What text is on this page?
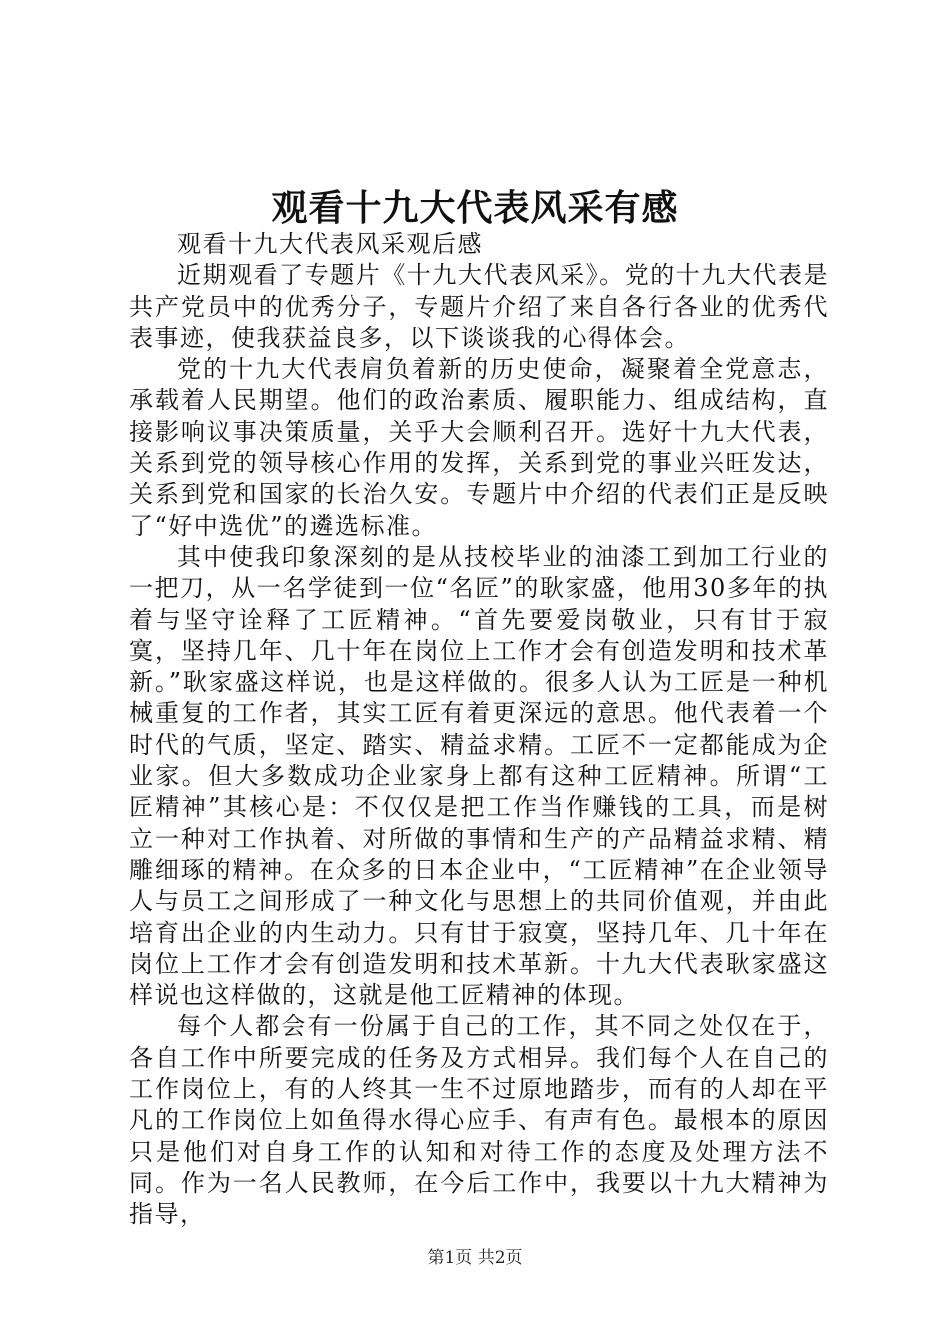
观看十九大代表风采有感

观看十九大代表风采观后感

近期观看了专题片《十九大代表风采》。党的十九大代表是共产党员中的优秀分子，专题片介绍了来自各行各业的优秀代表事迹，使我获益良多，以下谈谈我的心得体会。

党的十九大代表肩负着新的历史使命，凝聚着全党意志，承载着人民期望。他们的政治素质、履职能力、组成结构，直接影响议事决策质量，关乎大会顺利召开。选好十九大代表，关系到党的领导核心作用的发挥，关系到党的事业兴旺发达，关系到党和国家的长治久安。专题片中介绍的代表们正是反映了“好中选优”的遴选标准。

其中使我印象深刻的是从技校毕业的油漆工到加工行业的一把刀，从一名学徒到一位“名匠”的耿家盛，他用30多年的执着与坚守诠释了工匠精神。“首先要爱岗敬业，只有甘于寂寞，坚持几年、几十年在岗位上工作才会有创造发明和技术革新。”耿家盛这样说，也是这样做的。很多人认为工匠是一种机械重复的工作者，其实工匠有着更深远的意思。他代表着一个时代的气质，坚定、踏实、精益求精。工匠不一定都能成为企业家。但大多数成功企业家身上都有这种工匠精神。所谓“工匠精神”其核心是：不仅仅是把工作当作赚钱的工具，而是树立一种对工作执着、对所做的事情和生产的产品精益求精、精雕细琢的精神。在众多的日本企业中，“工匠精神”在企业领导人与员工之间形成了一种文化与思想上的共同价值观，并由此培育出企业的内生动力。只有甘于寂寞，坚持几年、几十年在岗位上工作才会有创造发明和技术革新。十九大代表耿家盛这样说也这样做的，这就是他工匠精神的体现。

每个人都会有一份属于自己的工作，其不同之处仅在于，各自工作中所要完成的任务及方式相异。我们每个人在自己的工作岗位上，有的人终其一生不过原地踏步，而有的人却在平凡的工作岗位上如鱼得水得心应手、有声有色。最根本的原因只是他们对自身工作的认知和对待工作的态度及处理方法不同。作为一名人民教师，在今后工作中，我要以十九大精神为指导，

第1页 共2页
